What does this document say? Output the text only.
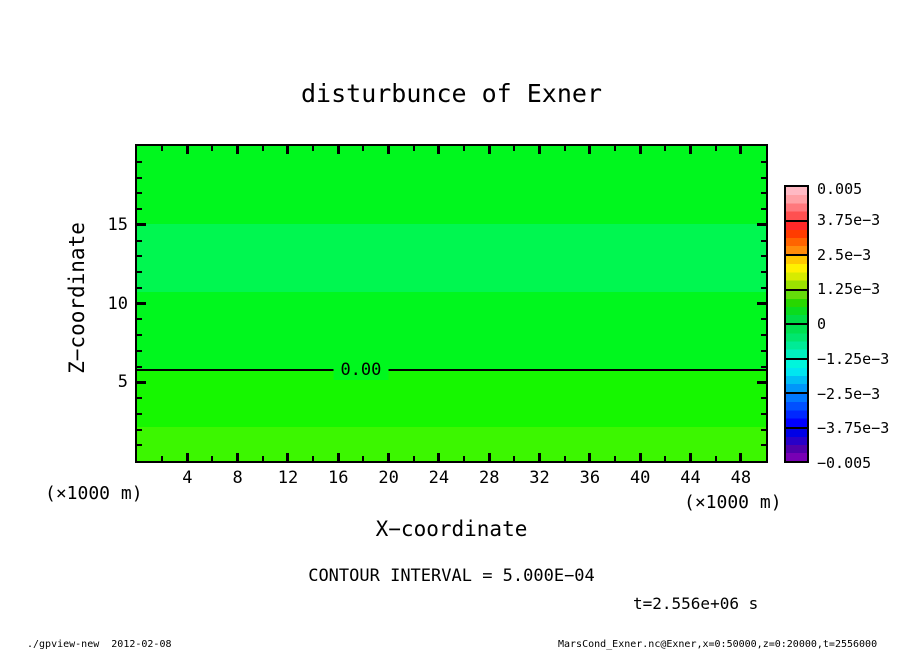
disturbunce of Exner
Z−coordinate	0.00
(×1000 m)	(×1000 m)
X−coordinate
CONTOUR INTERVAL = 5.000E−04
t=2.556e+06 s
./gpview-new  2012-02-08	MarsCond_Exner.nc@Exner,x=0:50000,z=0:20000,t=2556000
4 8 12 16 20 24 28 32 36 40 44 48
5
10
15
0.005
3.75e−3
2.5e−3
1.25e−3
0
−1.25e−3
−2.5e−3
−3.75e−3
−0.005
